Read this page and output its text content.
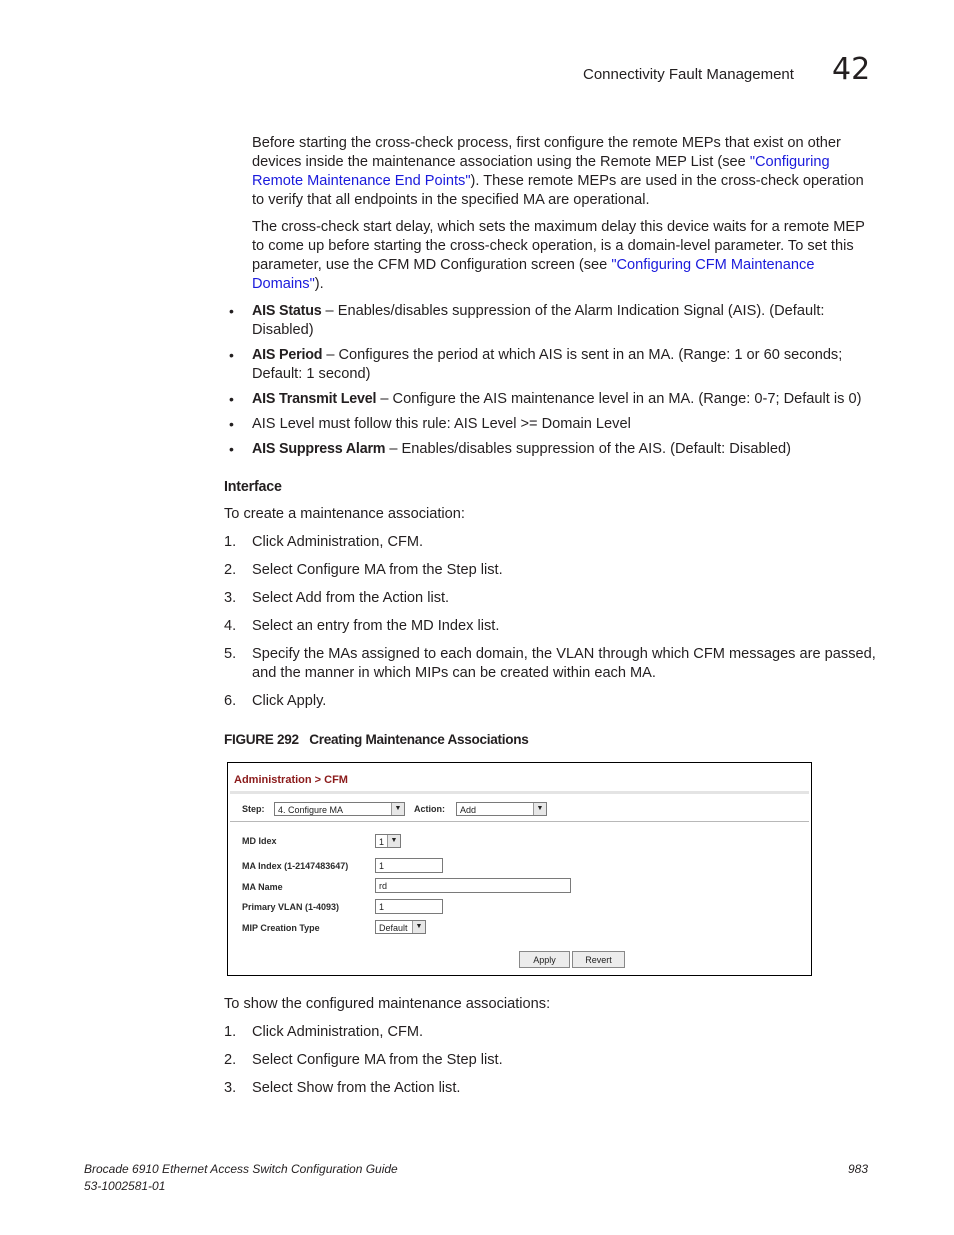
Connectivity Fault Management 42
Before starting the cross-check process, first configure the remote MEPs that exist on other
devices inside the maintenance association using the Remote MEP List (see "Configuring
Remote Maintenance End Points"). These remote MEPs are used in the cross-check operation
to verify that all endpoints in the specified MA are operational.
The cross-check start delay, which sets the maximum delay this device waits for a remote MEP
to come up before starting the cross-check operation, is a domain-level parameter. To set this
parameter, use the CFM MD Configuration screen (see "Configuring CFM Maintenance
Domains").
• AIS Status – Enables/disables suppression of the Alarm Indication Signal (AIS). (Default:
Disabled)
• AIS Period – Configures the period at which AIS is sent in an MA. (Range: 1 or 60 seconds;
Default: 1 second)
• AIS Transmit Level – Configure the AIS maintenance level in an MA. (Range: 0-7; Default is 0)
• AIS Level must follow this rule: AIS Level >= Domain Level
• AIS Suppress Alarm – Enables/disables suppression of the AIS. (Default: Disabled)
Interface
To create a maintenance association:
1. Click Administration, CFM.
2. Select Configure MA from the Step list.
3. Select Add from the Action list.
4. Select an entry from the MD Index list.
5. Specify the MAs assigned to each domain, the VLAN through which CFM messages are passed,
and the manner in which MIPs can be created within each MA.
6. Click Apply.
FIGURE 292 Creating Maintenance Associations
Administration > CFM
Step:	4. Configure MA	▼ Action:	Add	▼
MD Idex	1 ▼
MA Index (1-2147483647)	1
MA Name	rd
Primary VLAN (1-4093)	1
MIP Creation Type	Default	▼
Apply	Revert
To show the configured maintenance associations:
1. Click Administration, CFM.
2. Select Configure MA from the Step list.
3. Select Show from the Action list.
Brocade 6910 Ethernet Access Switch Configuration Guide
53-1002581-01
983
